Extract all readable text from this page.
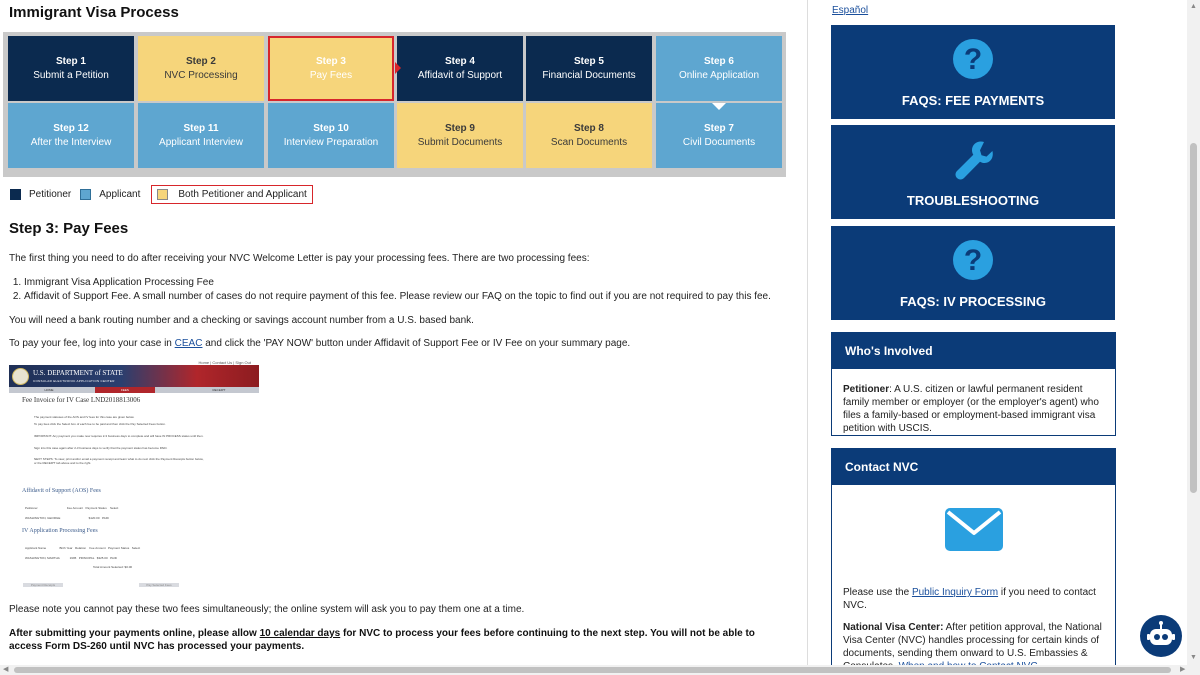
Immigrant Visa Process
Step 1
Submit a Petition
Step 2
NVC Processing
Step 3
Pay Fees
Step 4
Affidavit of Support
Step 5
Financial Documents
Step 6
Online Application
Step 7
Civil Documents
Step 8
Scan Documents
Step 9
Submit Documents
Step 10
Interview Preparation
Step 11
Applicant Interview
Step 12
After the Interview
Petitioner	Applicant	Both Petitioner and Applicant
Step 3: Pay Fees
The first thing you need to do after receiving your NVC Welcome Letter is pay your processing fees. There are two processing fees:
1. Immigrant Visa Application Processing Fee
2. Affidavit of Support Fee. A small number of cases do not require payment of this fee. Please review our FAQ on the topic to find out if you are not required to pay this fee.
You will need a bank routing number and a checking or savings account number from a U.S. based bank.
To pay your fee, log into your case in CEAC and click the 'PAY NOW' button under Affidavit of Support Fee or IV Fee on your summary page.
Home | Contact Us | Sign Out
U.S. DEPARTMENT of STATE
CONSULAR ELECTRONIC APPLICATION CENTER
HOME	FEES	RECEIPT
Fee Invoice for IV Case LND2018813006
The payment statuses of the AOS and IV fees for this case are given below.
To pay fees click the Select box of each fee to be paid and then click the Pay Selected Fees button.
IMPORTANT: Any payment you make now requires 2-3 business days to complete and will have IN PROCESS status until then.
Sign into this case again after 2-3 business days to verify that the payment status has become PAID.
NEXT STEPS: To view, print and/or email a payment receipt and learn what to do next click the Payment Receipts button below, or the RECEIPT tab above and to the right.
Affidavit of Support (AOS) Fees
Petitioner                                   Fee Amount   Payment Status    Select
WASHINGTON, GEORGE                                  $120.00   PAID
IV Application Processing Fees
Applicant Name                Birth Year   Relation    Fee Amount   Payment Status   Select
WASHINGTON, MARTHA            1995   PRINCIPAL   $325.00   PAID
Total Amount Selected: $0.00
Payment Receipts	Pay Selected Fees
Please note you cannot pay these two fees simultaneously; the online system will ask you to pay them one at a time.
After submitting your payments online, please allow 10 calendar days for NVC to process your fees before continuing to the next step. You will not be able to access Form DS-260 until NVC has processed your payments.
Español
?
FAQS: FEE PAYMENTS
TROUBLESHOOTING
?
FAQS: IV PROCESSING
Who's Involved
Petitioner: A U.S. citizen or lawful permanent resident family member or employer (or the employer's agent) who files a family-based or employment-based immigrant visa petition with USCIS.
Contact NVC
Please use the Public Inquiry Form if you need to contact NVC.
National Visa Center: After petition approval, the National Visa Center (NVC) handles processing for certain kinds of documents, sending them onward to U.S. Embassies &
▲
▼
◀	▶
